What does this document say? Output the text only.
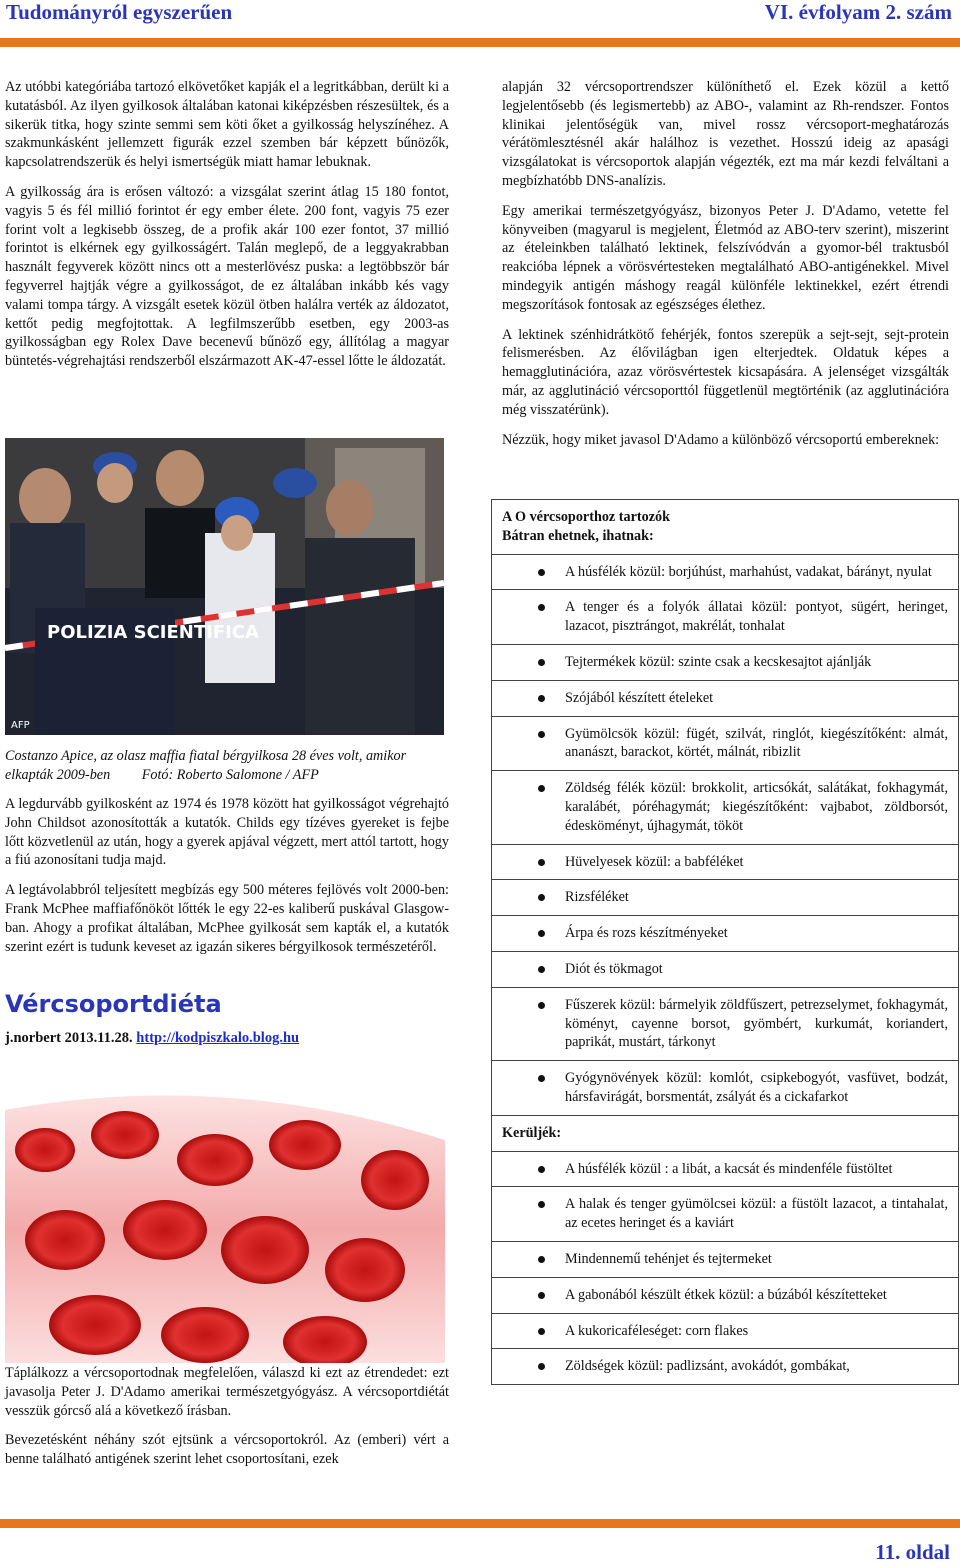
Tudományról egyszerűen	VI. évfolyam 2. szám

Az utóbbi kategóriába tartozó elkövetőket kapják el a legritkábban, derült ki a kutatásból. Az ilyen gyilkosok általában katonai kiképzésben részesültek, és a sikerük titka, hogy szinte semmi sem köti őket a gyilkosság helyszínéhez. A szakmunkásként jellemzett figurák ezzel szemben bár képzett bűnözők, kapcsolatrendszerük és helyi ismertségük miatt hamar lebuknak.

A gyilkosság ára is erősen változó: a vizsgálat szerint átlag 15 180 fontot, vagyis 5 és fél millió forintot ér egy ember élete. 200 font, vagyis 75 ezer forint volt a legkisebb összeg, de a profik akár 100 ezer fontot, 37 millió forintot is elkérnek egy gyilkosságért. Talán meglepő, de a leggyakrabban használt fegyverek között nincs ott a mesterlövész puska: a legtöbbször bár fegyverrel hajtják végre a gyilkosságot, de ez általában inkább kés vagy valami tompa tárgy. A vizsgált esetek közül ötben halálra verték az áldozatot, kettőt pedig megfojtottak. A legfilmszerűbb esetben, egy 2003-as gyilkosságban egy Rolex Dave becenevű bűnöző egy, állítólag a magyar büntetés-végrehajtási rendszerből elszármazott AK-47-essel lőtte le áldozatát.

POLIZIA SCIENTIFICA
AFP
Costanzo Apice, az olasz maffia fiatal bérgyilkosa 28 éves volt, amikor elkapták 2009-ben Fotó: Roberto Salomone / AFP

A legdurvább gyilkosként az 1974 és 1978 között hat gyilkosságot végrehajtó John Childsot azonosították a kutatók. Childs egy tízéves gyereket is fejbe lőtt közvetlenül az után, hogy a gyerek apjával végzett, mert attól tartott, hogy a fiú azonosítani tudja majd.

A legtávolabbról teljesített megbízás egy 500 méteres fejlövés volt 2000-ben: Frank McPhee maffiafőnököt lőtték le egy 22-es kaliberű puskával Glasgow-ban. Ahogy a profikat általában, McPhee gyilkosát sem kapták el, a kutatók szerint ezért is tudunk keveset az igazán sikeres bérgyilkosok természetéről.

Vércsoportdiéta
j.norbert 2013.11.28. http://kodpiszkalo.blog.hu

Táplálkozz a vércsoportodnak megfelelően, válaszd ki ezt az étrendedet: ezt javasolja Peter J. D'Adamo amerikai természetgyógyász. A vércsoportdiétát vesszük górcső alá a következő írásban.

Bevezetésként néhány szót ejtsünk a vércsoportokról. Az (emberi) vért a benne található antigének szerint lehet csoportosítani, ezek

alapján 32 vércsoportrendszer különíthető el. Ezek közül a kettő legjelentősebb (és legismertebb) az ABO-, valamint az Rh-rendszer. Fontos klinikai jelentőségük van, mivel rossz vércsoport-meghatározás vérátömlesztésnél akár halálhoz is vezethet. Hosszú ideig az apasági vizsgálatokat is vércsoportok alapján végezték, ezt ma már kezdi felváltani a megbízhatóbb DNS-analízis.

Egy amerikai természetgyógyász, bizonyos Peter J. D'Adamo, vetette fel könyveiben (magyarul is megjelent, Életmód az ABO-terv szerint), miszerint az ételeinkben található lektinek, felszívódván a gyomor-bél traktusból reakcióba lépnek a vörösvértesteken megtalálható ABO-antigénekkel. Mivel mindegyik antigén máshogy reagál különféle lektinekkel, ezért étrendi megszorítások fontosak az egészséges élethez.

A lektinek szénhidrátkötő fehérjék, fontos szerepük a sejt-sejt, sejt-protein felismerésben. Az élővilágban igen elterjedtek. Oldatuk képes a hemagglutinációra, azaz vörösvértestek kicsapására. A jelenséget vizsgálták már, az agglutináció vércsoporttól függetlenül megtörténik (az agglutinációra még visszatérünk).

Nézzük, hogy miket javasol D'Adamo a különböző vércsoportú embereknek:

A O vércsoporthoz tartozók
Bátran ehetnek, ihatnak:

A húsfélék közül: borjúhúst, marhahúst, vadakat, bárányt, nyulat

A tenger és a folyók állatai közül: pontyot, sügért, heringet, lazacot, pisztrángot, makrélát, tonhalat

Tejtermékek közül: szinte csak a kecskesajtot ajánlják

Szójából készített ételeket

Gyümölcsök közül: fügét, szilvát, ringlót, kiegészítőként: almát, ananászt, barackot, körtét, málnát, ribizlit

Zöldség félék közül: brokkolit, articsókát, salátákat, fokhagymát, karalábét, póréhagymát; kiegészítőként: vajbabot, zöldborsót, édesköményt, újhagymát, tököt

Hüvelyesek közül: a babféléket

Rizsféléket

Árpa és rozs készítményeket

Diót és tökmagot

Fűszerek közül: bármelyik zöldfűszert, petrezselymet, fokhagymát, köményt, cayenne borsot, gyömbért, kurkumát, koriandert, paprikát, mustárt, tárkonyt

Gyógynövények közül: komlót, csipkebogyót, vasfüvet, bodzát, hársfavirágát, borsmentát, zsályát és a cickafarkot
Kerüljék:

A húsfélék közül : a libát, a kacsát és mindenféle füstöltet

A halak és tenger gyümölcsei közül: a füstölt lazacot, a tintahalat, az ecetes heringet és a kaviárt

Mindennemű tehénjet és tejtermeket

A gabonából készült étkek közül: a búzából készítetteket

A kukoricaféleséget: corn flakes

Zöldségek közül: padlizsánt, avokádót, gombákat,
11. oldal
